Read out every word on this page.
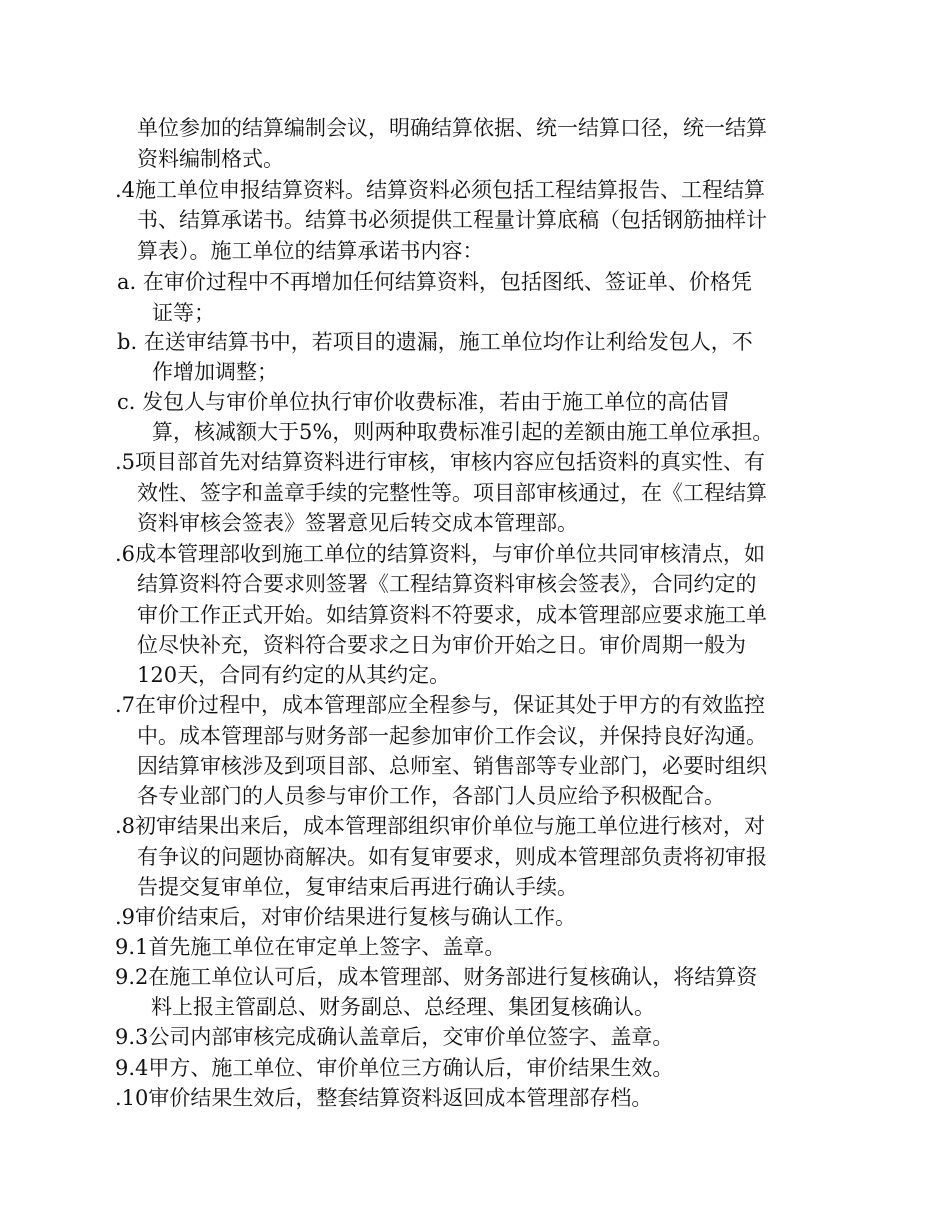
单位参加的结算编制会议，明确结算依据、统一结算口径，统一结算
资料编制格式。
.4施工单位申报结算资料。结算资料必须包括工程结算报告、工程结算
书、结算承诺书。结算书必须提供工程量计算底稿（包括钢筋抽样计
算表）。施工单位的结算承诺书内容：
a. 在审价过程中不再增加任何结算资料，包括图纸、签证单、价格凭
证等；
b. 在送审结算书中，若项目的遗漏，施工单位均作让利给发包人，不
作增加调整；
c. 发包人与审价单位执行审价收费标准，若由于施工单位的高估冒
算，核减额大于5%，则两种取费标准引起的差额由施工单位承担。
.5项目部首先对结算资料进行审核，审核内容应包括资料的真实性、有
效性、签字和盖章手续的完整性等。项目部审核通过，在《工程结算
资料审核会签表》签署意见后转交成本管理部。
.6成本管理部收到施工单位的结算资料，与审价单位共同审核清点，如
结算资料符合要求则签署《工程结算资料审核会签表》，合同约定的
审价工作正式开始。如结算资料不符要求，成本管理部应要求施工单
位尽快补充，资料符合要求之日为审价开始之日。审价周期一般为
120天，合同有约定的从其约定。
.7在审价过程中，成本管理部应全程参与，保证其处于甲方的有效监控
中。成本管理部与财务部一起参加审价工作会议，并保持良好沟通。
因结算审核涉及到项目部、总师室、销售部等专业部门，必要时组织
各专业部门的人员参与审价工作，各部门人员应给予积极配合。
.8初审结果出来后，成本管理部组织审价单位与施工单位进行核对，对
有争议的问题协商解决。如有复审要求，则成本管理部负责将初审报
告提交复审单位，复审结束后再进行确认手续。
.9审价结束后，对审价结果进行复核与确认工作。
9.1首先施工单位在审定单上签字、盖章。
9.2在施工单位认可后，成本管理部、财务部进行复核确认，将结算资
料上报主管副总、财务副总、总经理、集团复核确认。
9.3公司内部审核完成确认盖章后，交审价单位签字、盖章。
9.4甲方、施工单位、审价单位三方确认后，审价结果生效。
.10审价结果生效后，整套结算资料返回成本管理部存档。
